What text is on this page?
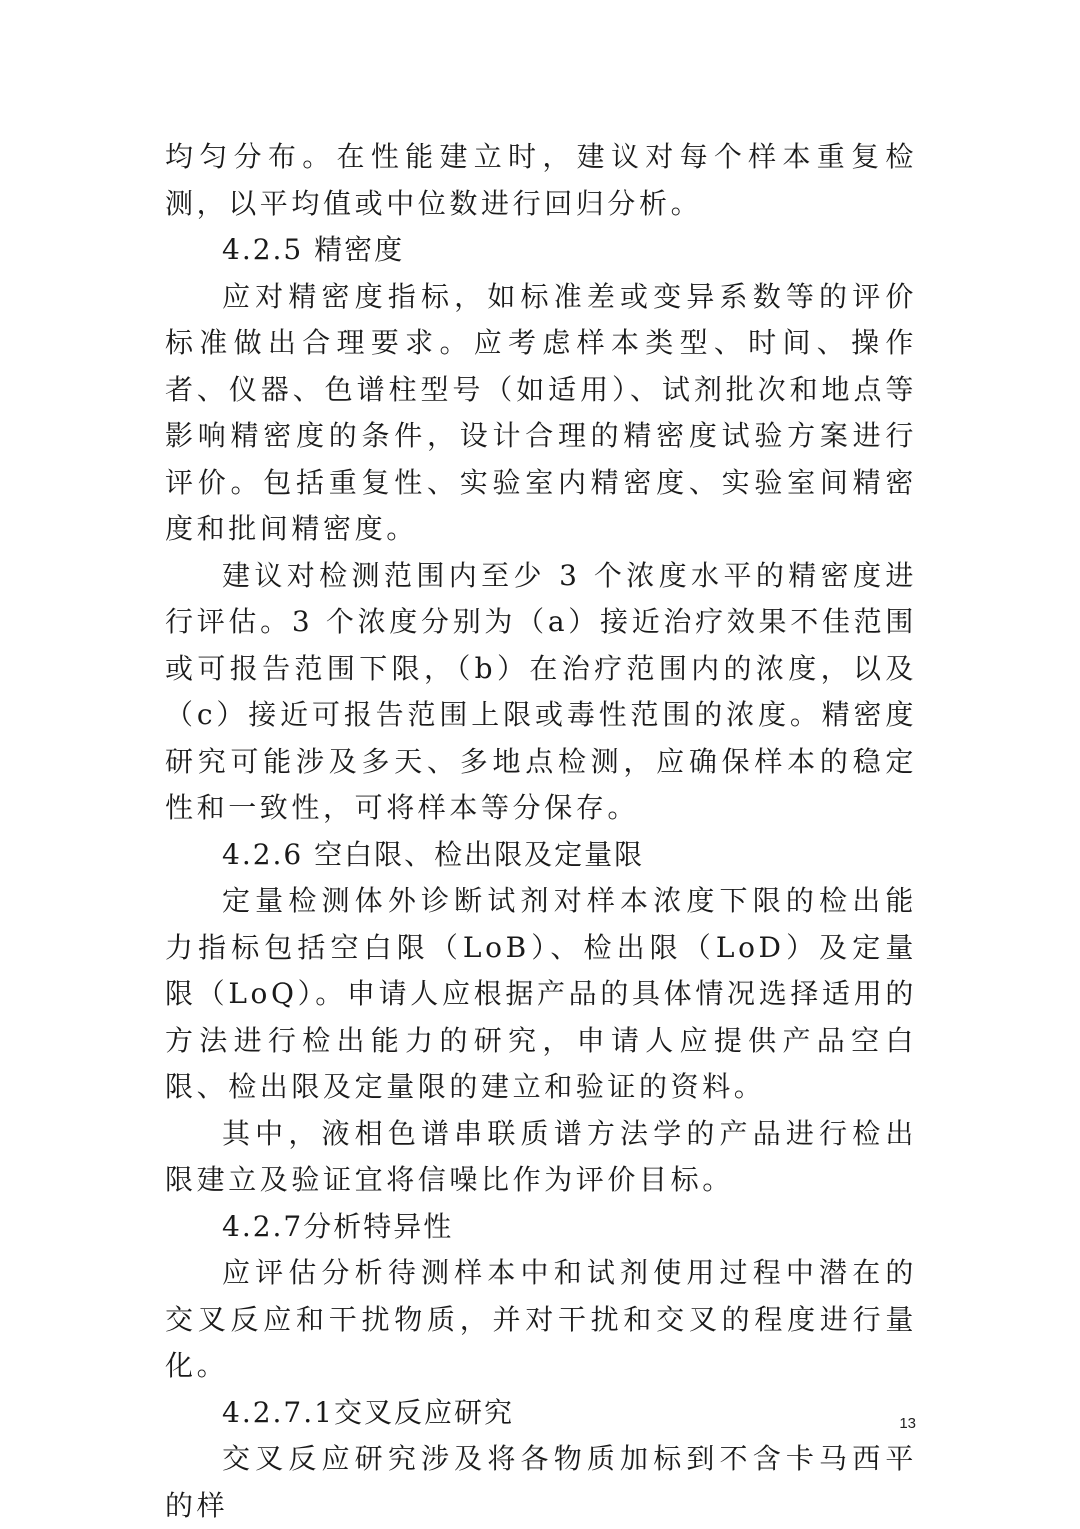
均匀分布。在性能建立时，建议对每个样本重复检测，以平均值或中位数进行回归分析。

4.2.5 精密度

应对精密度指标，如标准差或变异系数等的评价标准做出合理要求。应考虑样本类型、时间、操作者、仪器、色谱柱型号（如适用）、试剂批次和地点等影响精密度的条件，设计合理的精密度试验方案进行评价。包括重复性、实验室内精密度、实验室间精密度和批间精密度。

建议对检测范围内至少 3 个浓度水平的精密度进行评估。3 个浓度分别为（a）接近治疗效果不佳范围或可报告范围下限，（b）在治疗范围内的浓度，以及（c）接近可报告范围上限或毒性范围的浓度。精密度研究可能涉及多天、多地点检测，应确保样本的稳定性和一致性，可将样本等分保存。

4.2.6 空白限、检出限及定量限

定量检测体外诊断试剂对样本浓度下限的检出能力指标包括空白限（LoB）、检出限（LoD）及定量限（LoQ）。申请人应根据产品的具体情况选择适用的方法进行检出能力的研究，申请人应提供产品空白限、检出限及定量限的建立和验证的资料。

其中，液相色谱串联质谱方法学的产品进行检出限建立及验证宜将信噪比作为评价目标。

4.2.7分析特异性

应评估分析待测样本中和试剂使用过程中潜在的交叉反应和干扰物质，并对干扰和交叉的程度进行量化。

4.2.7.1交叉反应研究

交叉反应研究涉及将各物质加标到不含卡马西平的样

13
